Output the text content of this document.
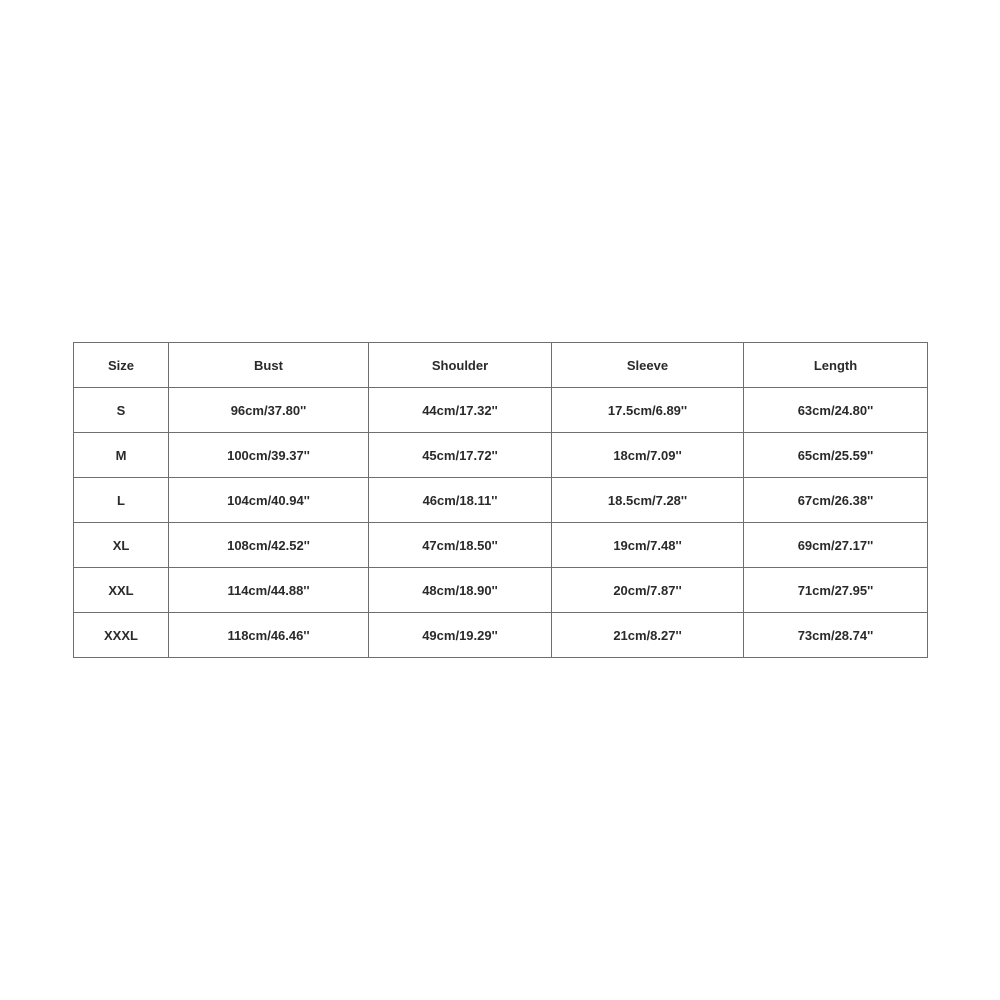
Size	Bust	Shoulder	Sleeve	Length
S	96cm/37.80''	44cm/17.32''	17.5cm/6.89''	63cm/24.80''
M	100cm/39.37''	45cm/17.72''	18cm/7.09''	65cm/25.59''
L	104cm/40.94''	46cm/18.11''	18.5cm/7.28''	67cm/26.38''
XL	108cm/42.52''	47cm/18.50''	19cm/7.48''	69cm/27.17''
XXL	114cm/44.88''	48cm/18.90''	20cm/7.87''	71cm/27.95''
XXXL	118cm/46.46''	49cm/19.29''	21cm/8.27''	73cm/28.74''
